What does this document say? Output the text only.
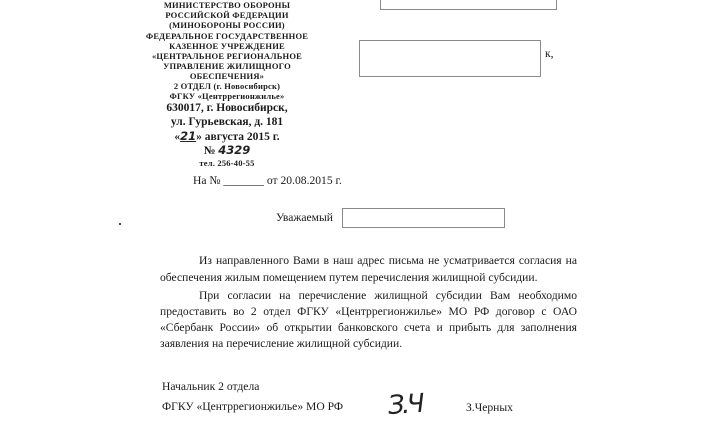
МИНИСТЕРСТВО ОБОРОНЫ
РОССИЙСКОЙ ФЕДЕРАЦИИ
(МИНОБОРОНЫ РОССИИ)
ФЕДЕРАЛЬНОЕ ГОСУДАРСТВЕННОЕ
КАЗЕННОЕ УЧРЕЖДЕНИЕ
«ЦЕНТРАЛЬНОЕ РЕГИОНАЛЬНОЕ
УПРАВЛЕНИЕ ЖИЛИЩНОГО
ОБЕСПЕЧЕНИЯ»
2 ОТДЕЛ (г. Новосибирск)
ФГКУ «Центррегионжилье»
630017, г. Новосибирск,
ул. Гурьевская, д. 181
«21» августа 2015 г.
№ 4329
тел. 256-40-55
к,
На № _______ от 20.08.2015 г.
Уважаемый
Из направленного Вами в наш адрес письма не усматривается согласия на
обеспечения жилым помещением путем перечисления жилищной субсидии.
При согласии на перечисление жилищной субсидии Вам необходимо
предоставить во 2 отдел ФГКУ «Центррегионжилье» МО РФ договор с ОАО
«Сбербанк России» об открытии банковского счета и прибыть для заполнения
заявления на перечисление жилищной субсидии.
Начальник 2 отдела
ФГКУ «Центррегионжилье» МО РФ З.Ч	З.Черных
